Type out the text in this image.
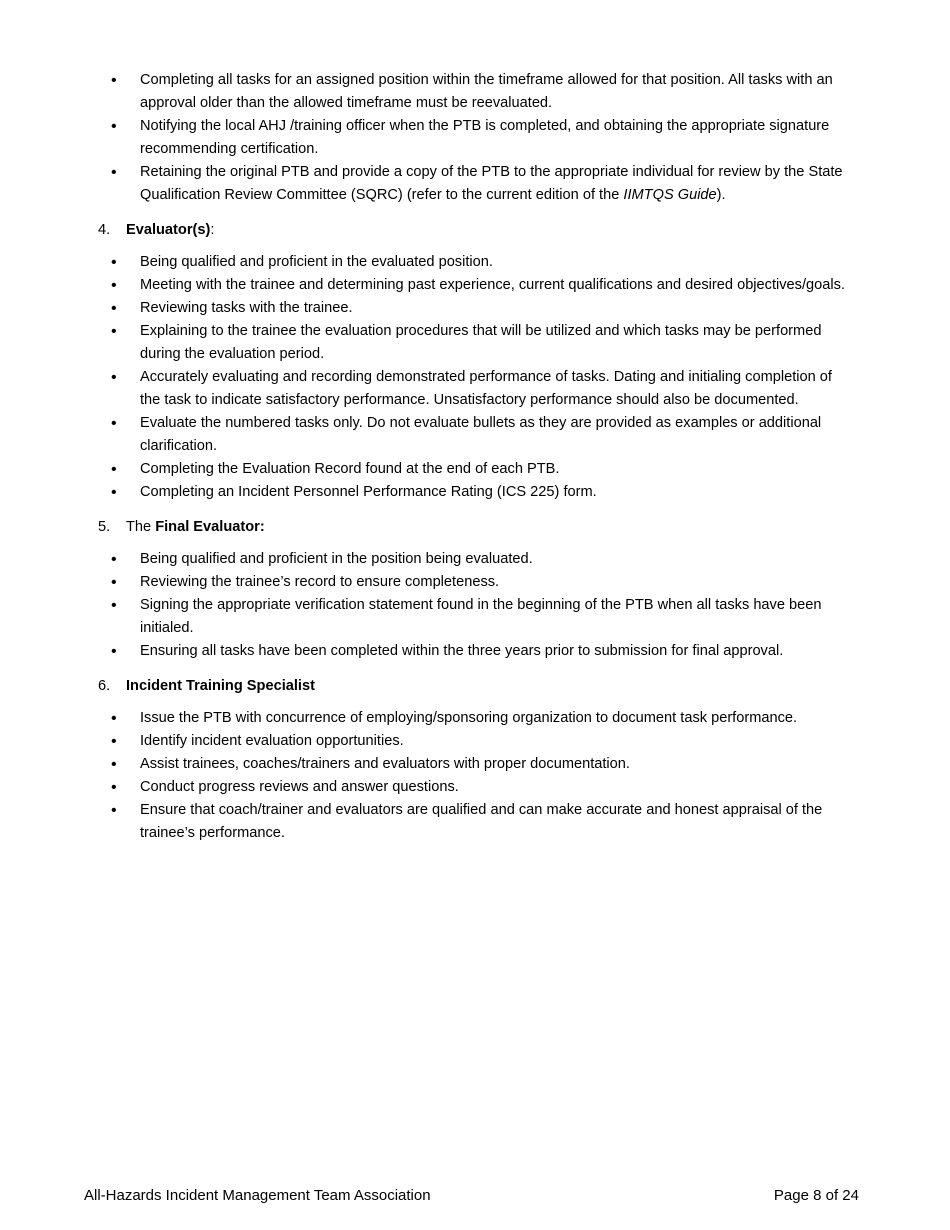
• Completing all tasks for an assigned position within the timeframe allowed for that position. All tasks with an approval older than the allowed timeframe must be reevaluated.
• Notifying the local AHJ /training officer when the PTB is completed, and obtaining the appropriate signature recommending certification.
• Retaining the original PTB and provide a copy of the PTB to the appropriate individual for review by the State Qualification Review Committee (SQRC) (refer to the current edition of the IIMTQS Guide).
4. Evaluator(s):
• Being qualified and proficient in the evaluated position.
• Meeting with the trainee and determining past experience, current qualifications and desired objectives/goals.
• Reviewing tasks with the trainee.
• Explaining to the trainee the evaluation procedures that will be utilized and which tasks may be performed during the evaluation period.
• Accurately evaluating and recording demonstrated performance of tasks. Dating and initialing completion of the task to indicate satisfactory performance. Unsatisfactory performance should also be documented.
• Evaluate the numbered tasks only. Do not evaluate bullets as they are provided as examples or additional clarification.
• Completing the Evaluation Record found at the end of each PTB.
• Completing an Incident Personnel Performance Rating (ICS 225) form.
5. The Final Evaluator:
• Being qualified and proficient in the position being evaluated.
• Reviewing the trainee’s record to ensure completeness.
• Signing the appropriate verification statement found in the beginning of the PTB when all tasks have been initialed.
• Ensuring all tasks have been completed within the three years prior to submission for final approval.
6. Incident Training Specialist
• Issue the PTB with concurrence of employing/sponsoring organization to document task performance.
• Identify incident evaluation opportunities.
• Assist trainees, coaches/trainers and evaluators with proper documentation.
• Conduct progress reviews and answer questions.
• Ensure that coach/trainer and evaluators are qualified and can make accurate and honest appraisal of the trainee’s performance.
All-Hazards Incident Management Team Association	Page 8 of 24
